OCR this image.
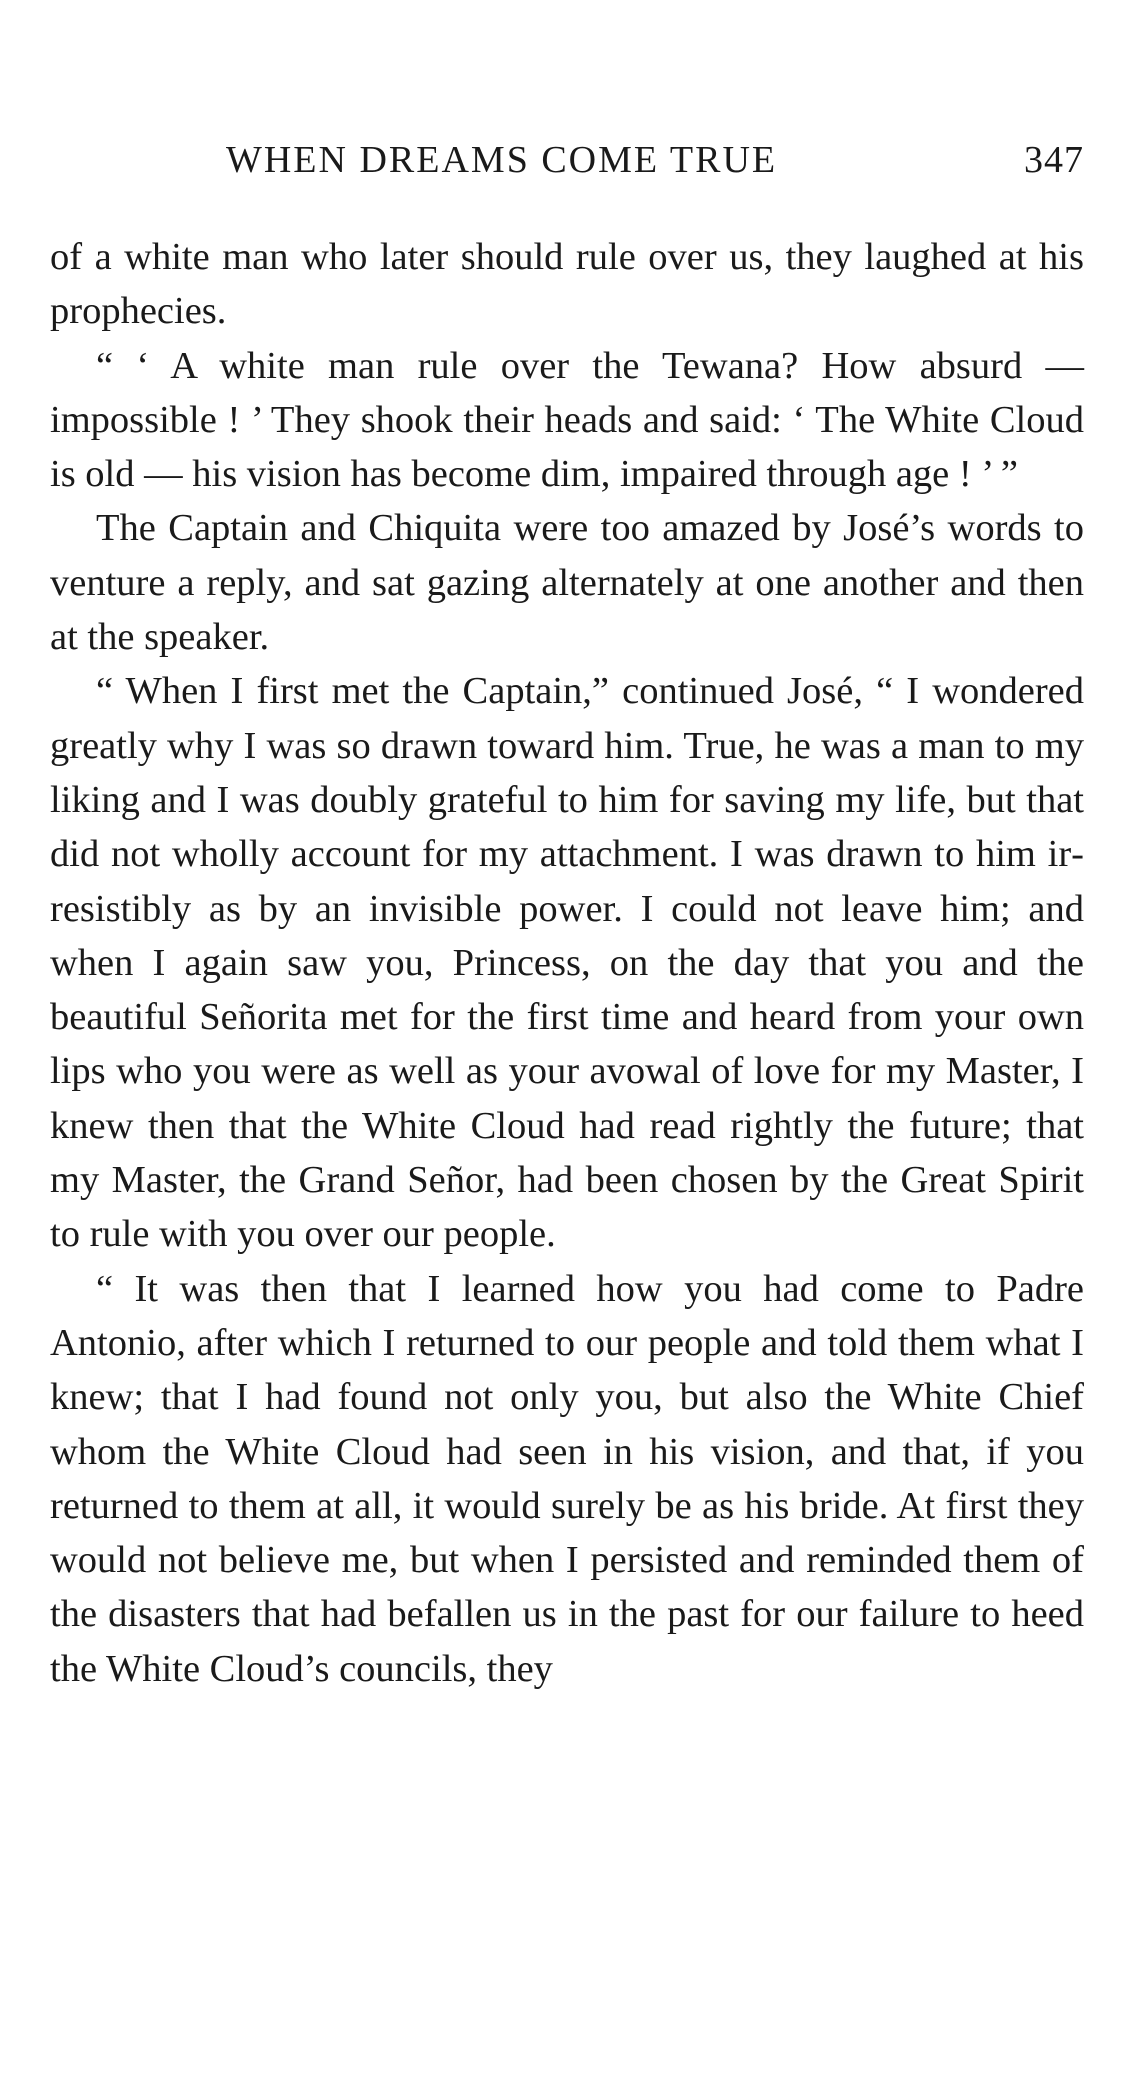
WHEN DREAMS COME TRUE	347

of a white man who later should rule over us, they laughed at his prophecies.

“ ‘ A white man rule over the Tewana? How absurd — impossible ! ’ They shook their heads and said: ‘ The White Cloud is old — his vision has become dim, impaired through age ! ’ ”

The Captain and Chiquita were too amazed by José’s words to venture a reply, and sat gazing alternately at one another and then at the speaker.

“ When I first met the Captain,” continued José, “ I wondered greatly why I was so drawn toward him. True, he was a man to my liking and I was doubly grateful to him for saving my life, but that did not wholly account for my attachment. I was drawn to him irresistibly as by an invisible power. I could not leave him; and when I again saw you, Princess, on the day that you and the beautiful Señorita met for the first time and heard from your own lips who you were as well as your avowal of love for my Master, I knew then that the White Cloud had read rightly the future; that my Master, the Grand Señor, had been chosen by the Great Spirit to rule with you over our people.

“ It was then that I learned how you had come to Padre Antonio, after which I returned to our people and told them what I knew; that I had found not only you, but also the White Chief whom the White Cloud had seen in his vision, and that, if you returned to them at all, it would surely be as his bride. At first they would not believe me, but when I persisted and reminded them of the disasters that had befallen us in the past for our failure to heed the White Cloud’s councils, they
